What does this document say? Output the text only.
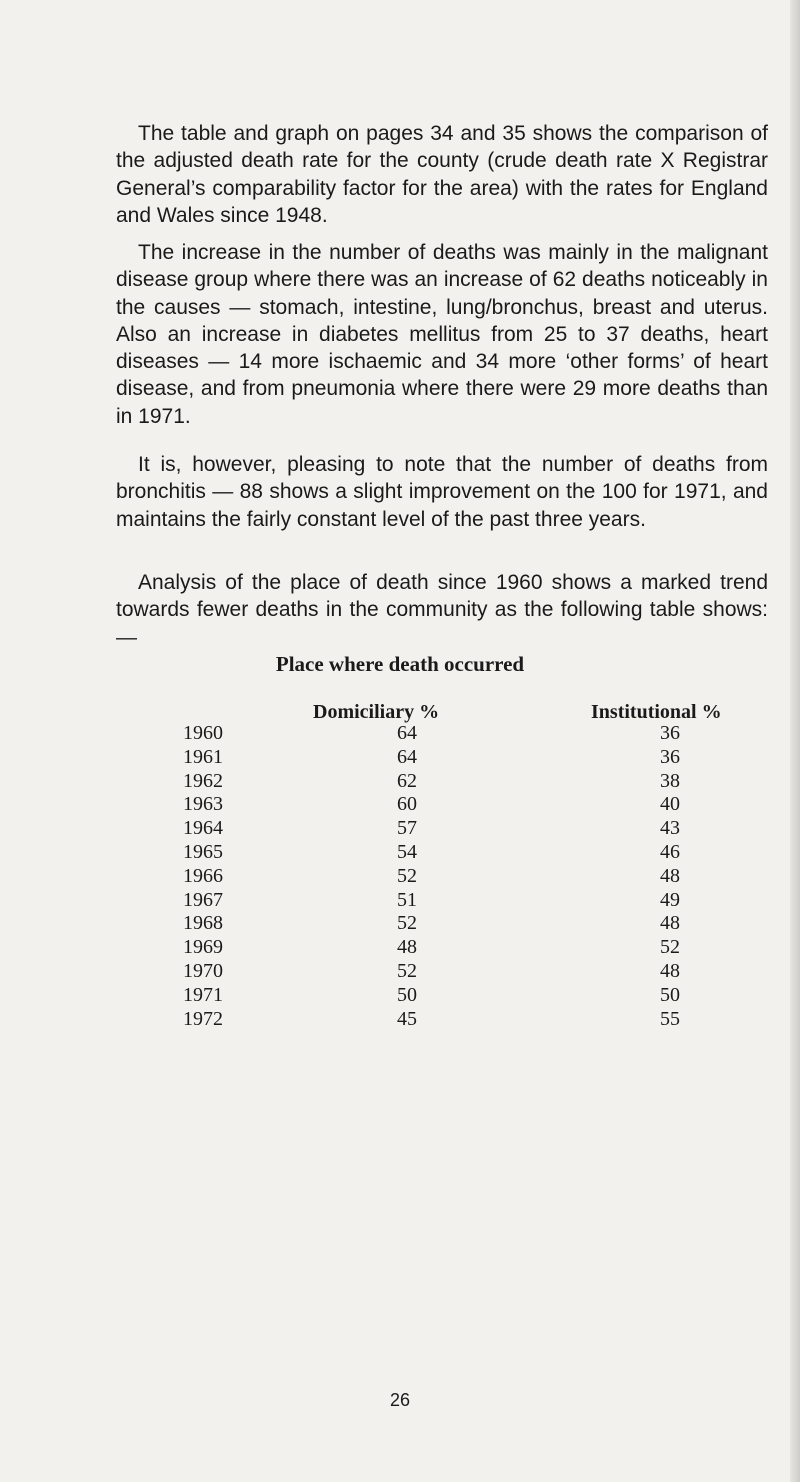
The table and graph on pages 34 and 35 shows the comparison of the adjusted death rate for the county (crude death rate X Registrar General’s comparability factor for the area) with the rates for England and Wales since 1948.

The increase in the number of deaths was mainly in the malignant disease group where there was an increase of 62 deaths noticeably in the causes — stomach, intestine, lung/bronchus, breast and uterus. Also an increase in diabetes mellitus from 25 to 37 deaths, heart diseases — 14 more ischaemic and 34 more ‘other forms’ of heart disease, and from pneumonia where there were 29 more deaths than in 1971.

It is, however, pleasing to note that the number of deaths from bronchitis — 88 shows a slight improvement on the 100 for 1971, and maintains the fairly constant level of the past three years.

Analysis of the place of death since 1960 shows a marked trend towards fewer deaths in the community as the following table shows:—

Place where death occurred
Domiciliary %	Institutional %
1960	64	36
1961	64	36
1962	62	38
1963	60	40
1964	57	43
1965	54	46
1966	52	48
1967	51	49
1968	52	48
1969	48	52
1970	52	48
1971	50	50
1972	45	55
26
